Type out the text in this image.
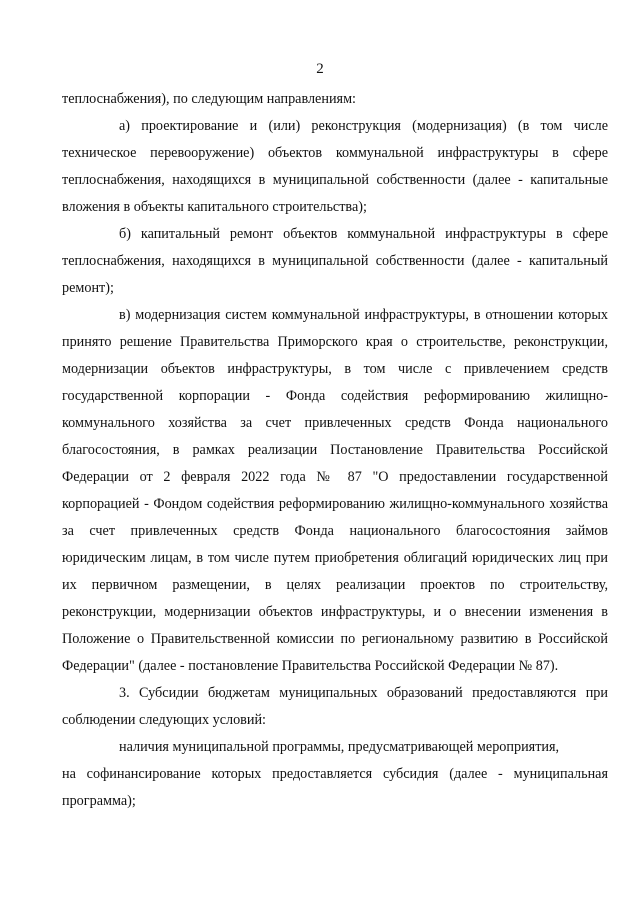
2

теплоснабжения), по следующим направлениям:

а) проектирование и (или) реконструкция (модернизация) (в том числе техническое перевооружение) объектов коммунальной инфраструктуры в сфере теплоснабжения, находящихся в муниципальной собственности (далее - капитальные вложения в объекты капитального строительства);

б) капитальный ремонт объектов коммунальной инфраструктуры в сфере теплоснабжения, находящихся в муниципальной собственности (далее - капитальный ремонт);

в) модернизация систем коммунальной инфраструктуры, в отношении которых принято решение Правительства Приморского края о строительстве, реконструкции, модернизации объектов инфраструктуры, в том числе с привлечением средств государственной корпорации - Фонда содействия реформированию жилищно-коммунального хозяйства за счет привлеченных средств Фонда национального благосостояния, в рамках реализации Постановление Правительства Российской Федерации от 2 февраля 2022 года № 87 "О предоставлении государственной корпорацией - Фондом содействия реформированию жилищно-коммунального хозяйства за счет привлеченных средств Фонда национального благосостояния займов юридическим лицам, в том числе путем приобретения облигаций юридических лиц при их первичном размещении, в целях реализации проектов по строительству, реконструкции, модернизации объектов инфраструктуры, и о внесении изменения в Положение о Правительственной комиссии по региональному развитию в Российской Федерации" (далее - постановление Правительства Российской Федерации № 87).

3. Субсидии бюджетам муниципальных образований предоставляются при соблюдении следующих условий:

наличия муниципальной программы, предусматривающей мероприятия,

на софинансирование которых предоставляется субсидия (далее - муниципальная программа);
